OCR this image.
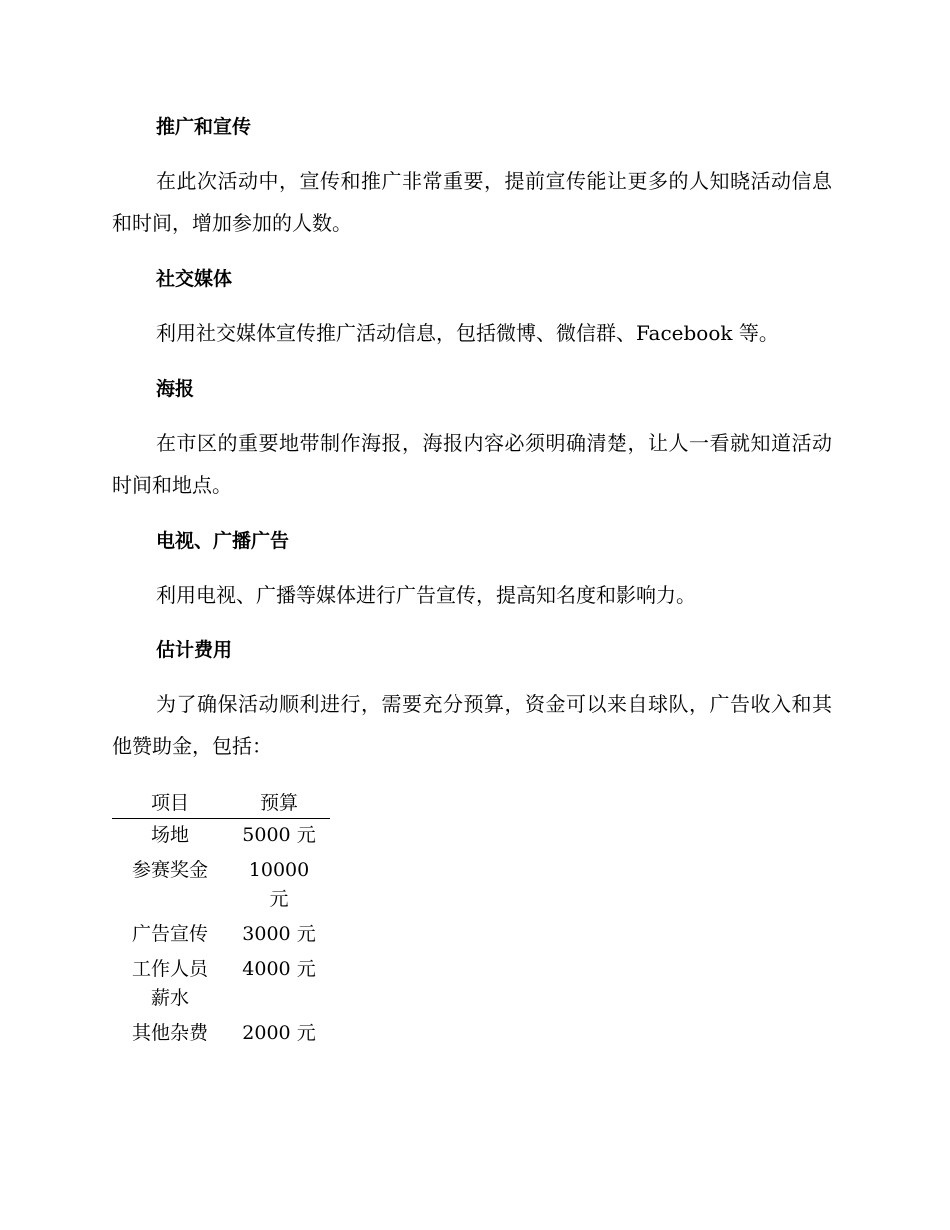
推广和宣传
在此次活动中，宣传和推广非常重要，提前宣传能让更多的人知晓活动信息和时间，增加参加的人数。
社交媒体
利用社交媒体宣传推广活动信息，包括微博、微信群、Facebook 等。
海报
在市区的重要地带制作海报，海报内容必须明确清楚，让人一看就知道活动时间和地点。
电视、广播广告
利用电视、广播等媒体进行广告宣传，提高知名度和影响力。
估计费用
为了确保活动顺利进行，需要充分预算，资金可以来自球队，广告收入和其他赞助金，包括：
项目	预算
场地	5000 元
参赛奖金	10000 元
广告宣传	3000 元
工作人员薪水	4000 元
其他杂费	2000 元
